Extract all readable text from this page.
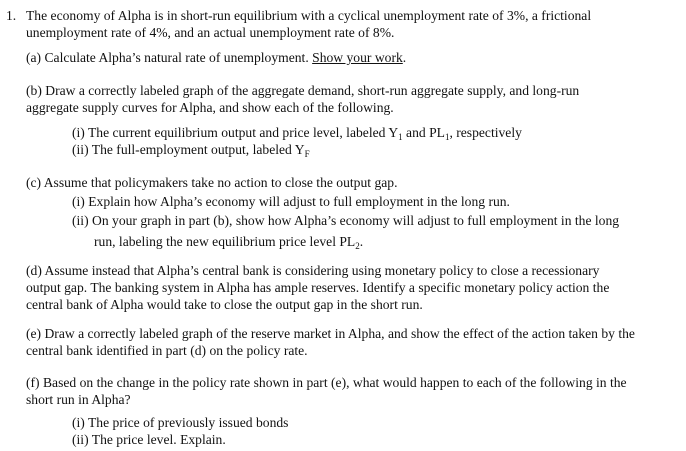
1. The economy of Alpha is in short-run equilibrium with a cyclical unemployment rate of 3%, a frictional
unemployment rate of 4%, and an actual unemployment rate of 8%.
(a) Calculate Alpha’s natural rate of unemployment. Show your work.
(b) Draw a correctly labeled graph of the aggregate demand, short-run aggregate supply, and long-run
aggregate supply curves for Alpha, and show each of the following.
(i) The current equilibrium output and price level, labeled $Y_1$ and $PL_1$, respectively
(ii) The full-employment output, labeled $Y_F$
(c) Assume that policymakers take no action to close the output gap.
(i) Explain how Alpha’s economy will adjust to full employment in the long run.
(ii) On your graph in part (b), show how Alpha’s economy will adjust to full employment in the long
run, labeling the new equilibrium price level $PL_2$.
(d) Assume instead that Alpha’s central bank is considering using monetary policy to close a recessionary
output gap. The banking system in Alpha has ample reserves. Identify a specific monetary policy action the
central bank of Alpha would take to close the output gap in the short run.
(e) Draw a correctly labeled graph of the reserve market in Alpha, and show the effect of the action taken by the
central bank identified in part (d) on the policy rate.
(f) Based on the change in the policy rate shown in part (e), what would happen to each of the following in the
short run in Alpha?
(i) The price of previously issued bonds
(ii) The price level. Explain.
